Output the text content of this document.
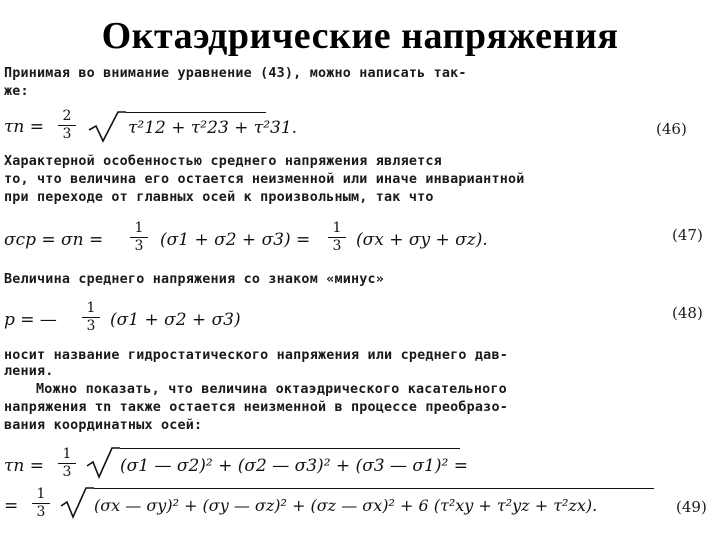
Октаэдрические напряжения
Принимая во внимание уравнение (43), можно написать так-
же:
$\tau n = \frac{2}{3}$	τ²12 + τ²23 + τ²31.	(46)
Характерной особенностью среднего напряжения является
то, что величина его остается неизменной или иначе инвариантной
при переходе от главных осей к произвольным, так что
$\sigma ср = \sigma n = \frac{1}{3} (\sigma 1 + \sigma 2 + \sigma 3) = \frac{1}{3} (\sigma x + \sigma y + \sigma z)$.	(47)
Величина среднего напряжения со знаком «минус»
p = — $\frac{1}{3} (\sigma 1 + \sigma 2 + \sigma 3)$	(48)
носит название гидростатического напряжения или среднего дав-
ления.
Можно показать, что величина октаэдрического касательного
напряжения τn также остается неизменной в процессе преобразо-
вания координатных осей:
$\tau n = \frac{1}{3}$	(σ1 — σ2)² + (σ2 — σ3)² + (σ3 — σ1)² =
= $\frac{1}{3}$	(σx — σy)² + (σy — σz)² + (σz — σx)² + 6 (τ²xy + τ²yz + τ²zx).	(49)
